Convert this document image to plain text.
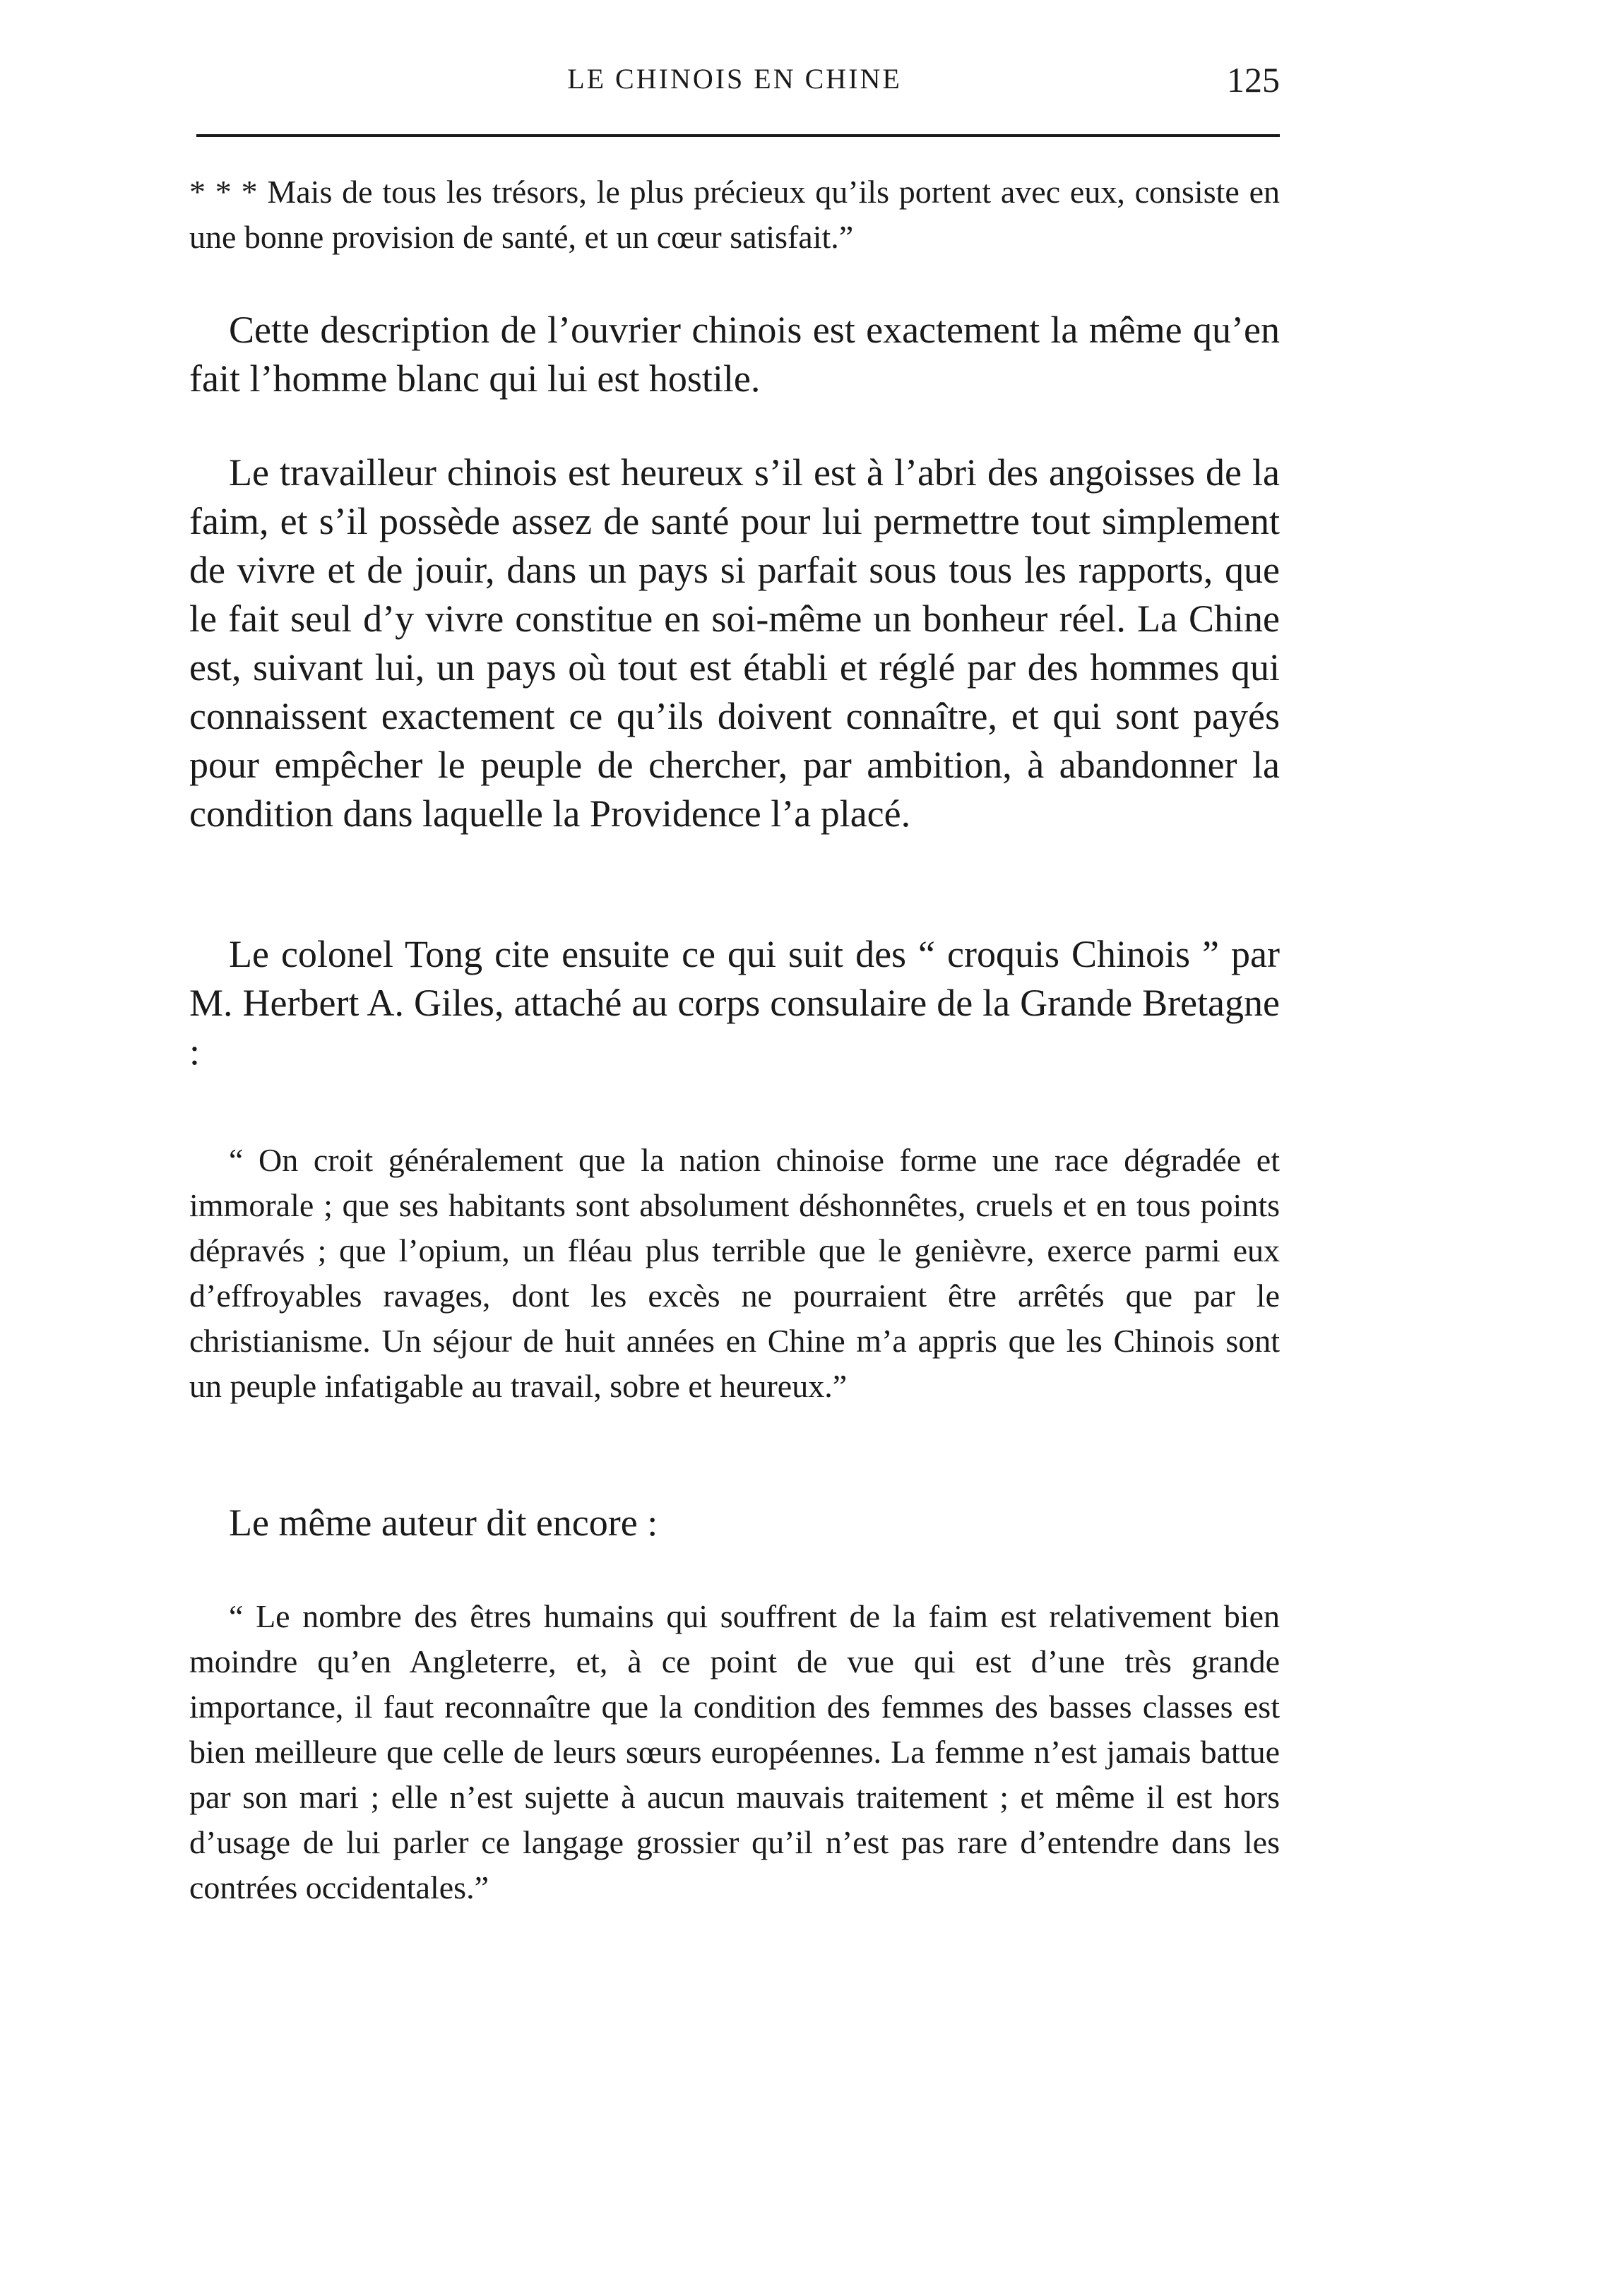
LE CHINOIS EN CHINE	125

* * * Mais de tous les trésors, le plus précieux qu’ils portent avec eux, consiste en une bonne provision de santé, et un cœur satisfait.”

Cette description de l’ouvrier chinois est exactement la même qu’en fait l’homme blanc qui lui est hostile.

Le travailleur chinois est heureux s’il est à l’abri des angoisses de la faim, et s’il possède assez de santé pour lui permettre tout simplement de vivre et de jouir, dans un pays si parfait sous tous les rapports, que le fait seul d’y vivre constitue en soi-même un bonheur réel. La Chine est, suivant lui, un pays où tout est établi et réglé par des hommes qui connaissent exactement ce qu’ils doivent connaître, et qui sont payés pour empêcher le peuple de chercher, par ambition, à abandonner la condition dans laquelle la Providence l’a placé.

Le colonel Tong cite ensuite ce qui suit des “ croquis Chinois ” par M. Herbert A. Giles, attaché au corps consulaire de la Grande Bretagne :

“ On croit généralement que la nation chinoise forme une race dégradée et immorale ; que ses habitants sont absolument déshonnêtes, cruels et en tous points dépravés ; que l’opium, un fléau plus terrible que le genièvre, exerce parmi eux d’effroyables ravages, dont les excès ne pourraient être arrêtés que par le christianisme. Un séjour de huit années en Chine m’a appris que les Chinois sont un peuple infatigable au travail, sobre et heureux.”

Le même auteur dit encore :

“ Le nombre des êtres humains qui souffrent de la faim est relativement bien moindre qu’en Angleterre, et, à ce point de vue qui est d’une très grande importance, il faut reconnaître que la condition des femmes des basses classes est bien meilleure que celle de leurs sœurs européennes. La femme n’est jamais battue par son mari ; elle n’est sujette à aucun mauvais traitement ; et même il est hors d’usage de lui parler ce langage grossier qu’il n’est pas rare d’entendre dans les contrées occidentales.”
